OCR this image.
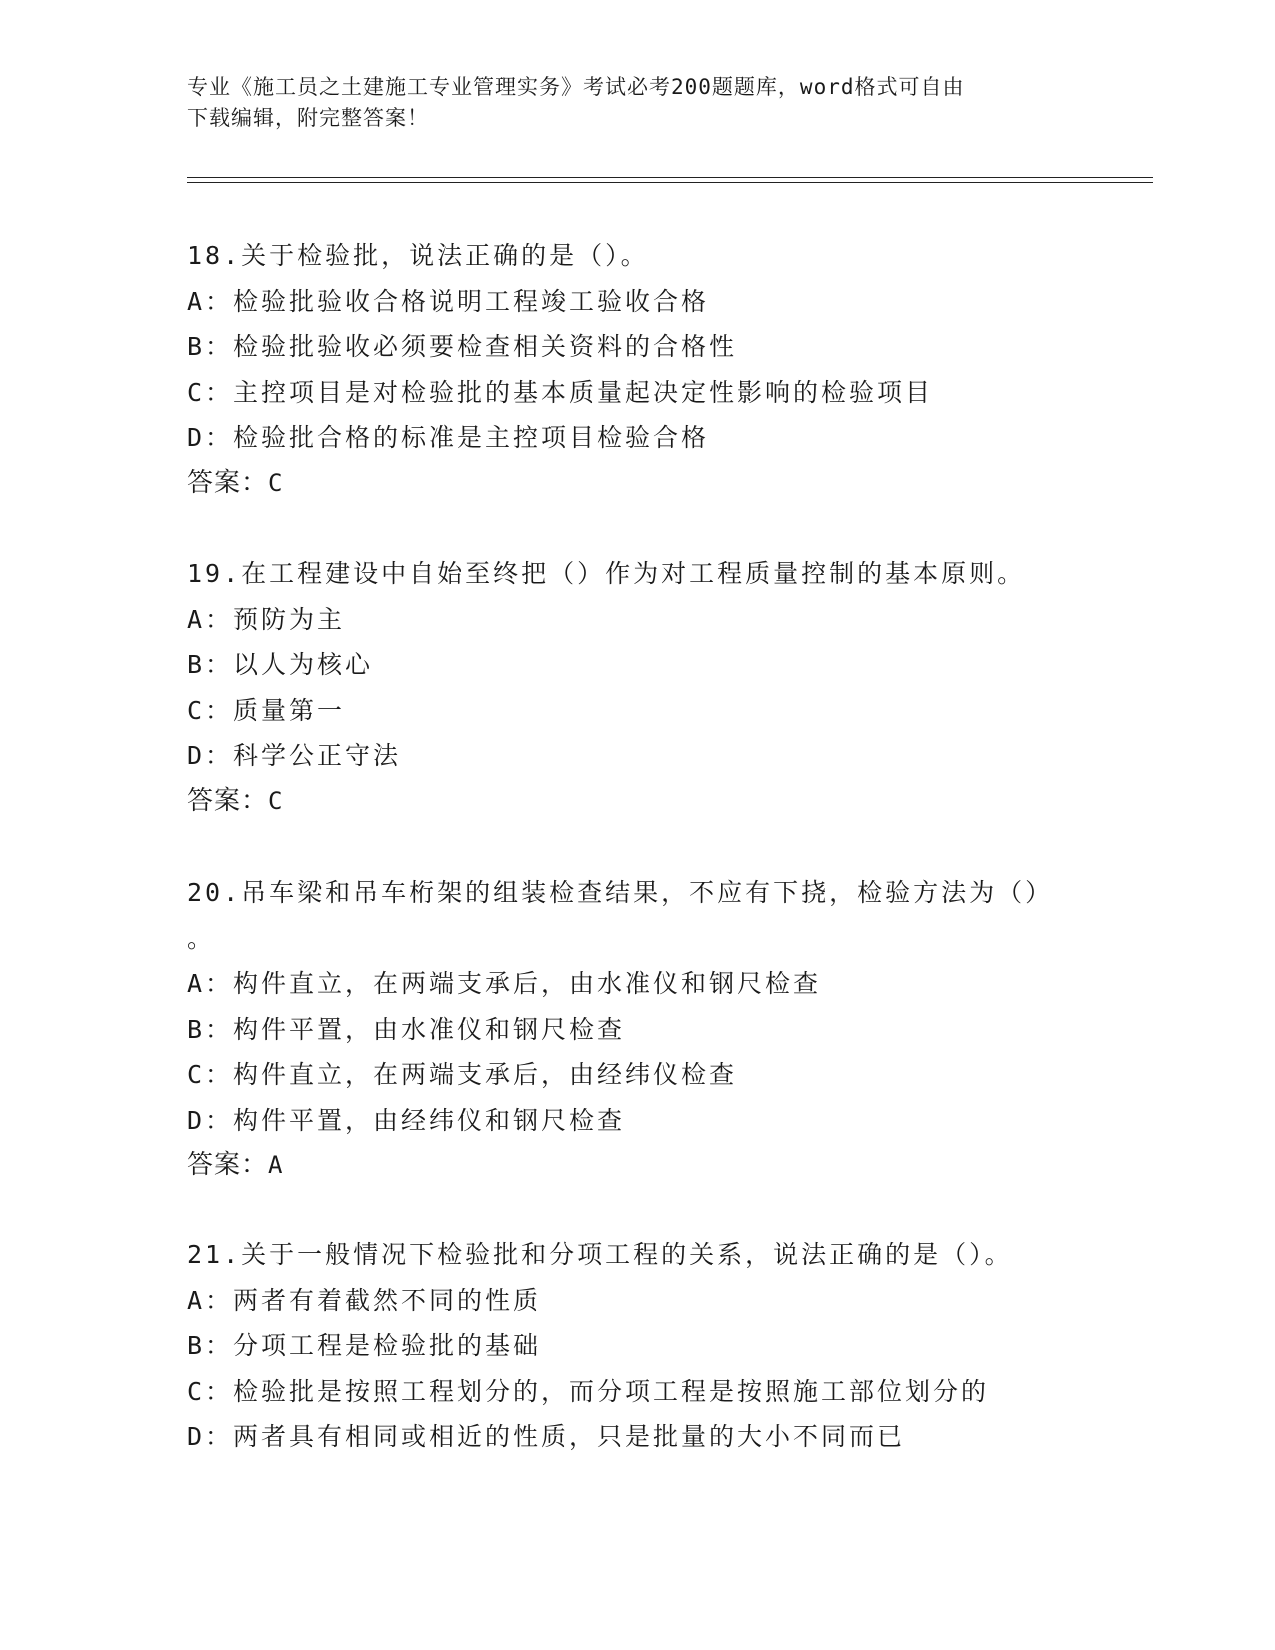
专业《施工员之土建施工专业管理实务》考试必考200题题库，word格式可自由
下载编辑，附完整答案！
18.关于检验批，说法正确的是（）。
A：检验批验收合格说明工程竣工验收合格
B：检验批验收必须要检查相关资料的合格性
C：主控项目是对检验批的基本质量起决定性影响的检验项目
D：检验批合格的标准是主控项目检验合格
答案：C
19.在工程建设中自始至终把（）作为对工程质量控制的基本原则。
A：预防为主
B：以人为核心
C：质量第一
D：科学公正守法
答案：C
20.吊车梁和吊车桁架的组装检查结果，不应有下挠，检验方法为（）
。
A：构件直立，在两端支承后，由水准仪和钢尺检查
B：构件平置，由水准仪和钢尺检查
C：构件直立，在两端支承后，由经纬仪检查
D：构件平置，由经纬仪和钢尺检查
答案：A
21.关于一般情况下检验批和分项工程的关系，说法正确的是（）。
A：两者有着截然不同的性质
B：分项工程是检验批的基础
C：检验批是按照工程划分的，而分项工程是按照施工部位划分的
D：两者具有相同或相近的性质，只是批量的大小不同而已
